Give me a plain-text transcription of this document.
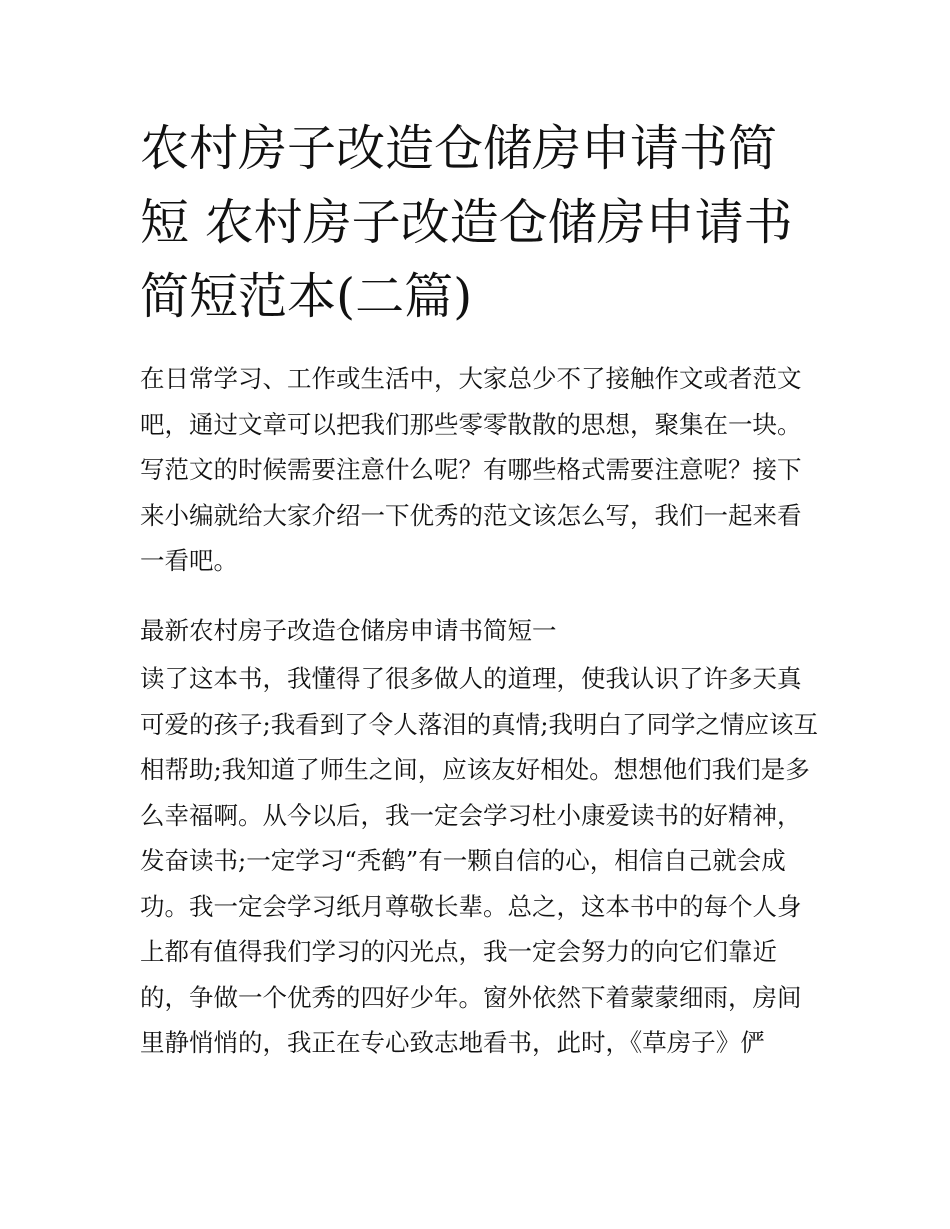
农村房子改造仓储房申请书简短 农村房子改造仓储房申请书简短范本(二篇)

在日常学习、工作或生活中，大家总少不了接触作文或者范文吧，通过文章可以把我们那些零零散散的思想，聚集在一块。写范文的时候需要注意什么呢？有哪些格式需要注意呢？接下来小编就给大家介绍一下优秀的范文该怎么写，我们一起来看一看吧。

最新农村房子改造仓储房申请书简短一

读了这本书，我懂得了很多做人的道理，使我认识了许多天真可爱的孩子;我看到了令人落泪的真情;我明白了同学之情应该互相帮助;我知道了师生之间，应该友好相处。想想他们我们是多么幸福啊。从今以后，我一定会学习杜小康爱读书的好精神，发奋读书;一定学习“秃鹤”有一颗自信的心，相信自己就会成功。我一定会学习纸月尊敬长辈。总之，这本书中的每个人身上都有值得我们学习的闪光点，我一定会努力的向它们靠近的，争做一个优秀的四好少年。窗外依然下着蒙蒙细雨，房间里静悄悄的，我正在专心致志地看书，此时，《草房子》俨
